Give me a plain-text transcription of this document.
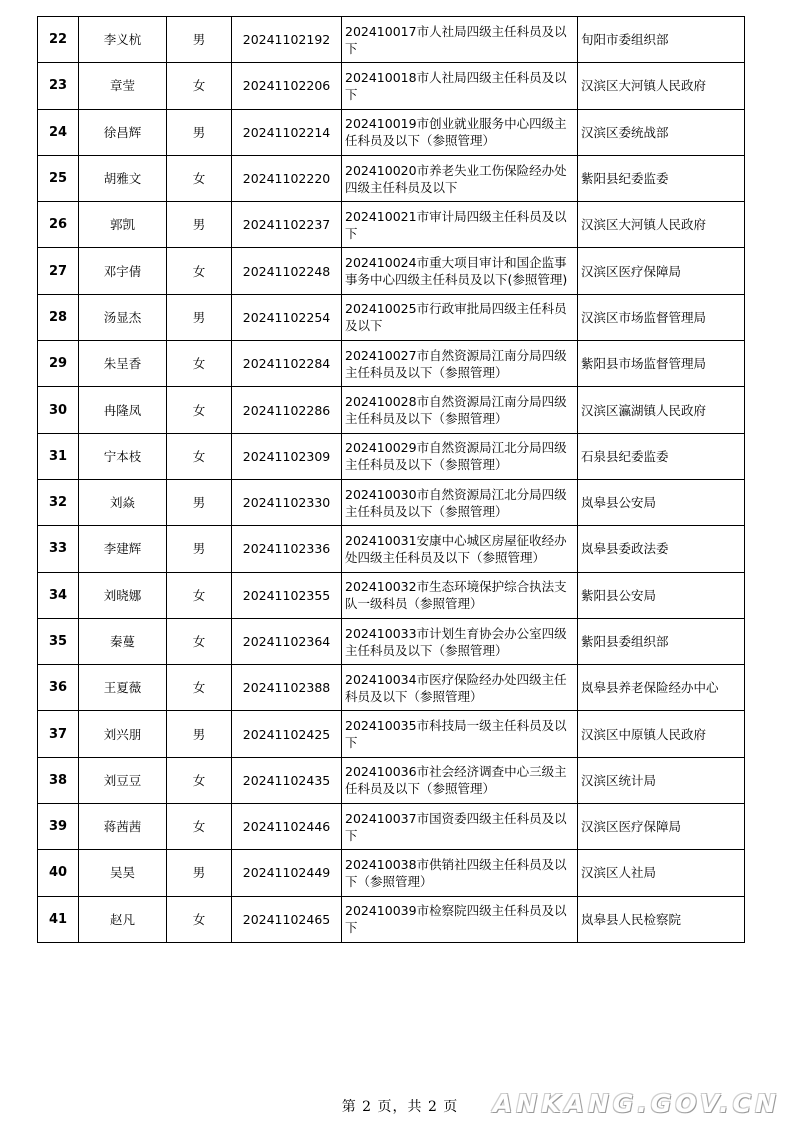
22	李义杭	男	20241102192	202410017市人社局四级主任科员及以下	旬阳市委组织部
23	章莹	女	20241102206	202410018市人社局四级主任科员及以下	汉滨区大河镇人民政府
24	徐昌辉	男	20241102214	202410019市创业就业服务中心四级主任科员及以下（参照管理）	汉滨区委统战部
25	胡雅文	女	20241102220	202410020市养老失业工伤保险经办处四级主任科员及以下	紫阳县纪委监委
26	郭凯	男	20241102237	202410021市审计局四级主任科员及以下	汉滨区大河镇人民政府
27	邓宇倩	女	20241102248	202410024市重大项目审计和国企监事事务中心四级主任科员及以下(参照管理)	汉滨区医疗保障局
28	汤显杰	男	20241102254	202410025市行政审批局四级主任科员及以下	汉滨区市场监督管理局
29	朱呈香	女	20241102284	202410027市自然资源局江南分局四级主任科员及以下（参照管理）	紫阳县市场监督管理局
30	冉隆凤	女	20241102286	202410028市自然资源局江南分局四级主任科员及以下（参照管理）	汉滨区瀛湖镇人民政府
31	宁本枝	女	20241102309	202410029市自然资源局江北分局四级主任科员及以下（参照管理）	石泉县纪委监委
32	刘焱	男	20241102330	202410030市自然资源局江北分局四级主任科员及以下（参照管理）	岚皋县公安局
33	李建辉	男	20241102336	202410031安康中心城区房屋征收经办处四级主任科员及以下（参照管理）	岚皋县委政法委
34	刘晓娜	女	20241102355	202410032市生态环境保护综合执法支队一级科员（参照管理）	紫阳县公安局
35	秦蔓	女	20241102364	202410033市计划生育协会办公室四级主任科员及以下（参照管理）	紫阳县委组织部
36	王夏薇	女	20241102388	202410034市医疗保险经办处四级主任科员及以下（参照管理）	岚皋县养老保险经办中心
37	刘兴朋	男	20241102425	202410035市科技局一级主任科员及以下	汉滨区中原镇人民政府
38	刘豆豆	女	20241102435	202410036市社会经济调查中心三级主任科员及以下（参照管理）	汉滨区统计局
39	蒋茜茜	女	20241102446	202410037市国资委四级主任科员及以下	汉滨区医疗保障局
40	吴昊	男	20241102449	202410038市供销社四级主任科员及以下（参照管理）	汉滨区人社局
41	赵凡	女	20241102465	202410039市检察院四级主任科员及以下	岚皋县人民检察院
第 2 页，共 2 页	ANKANG.GOV.CN
